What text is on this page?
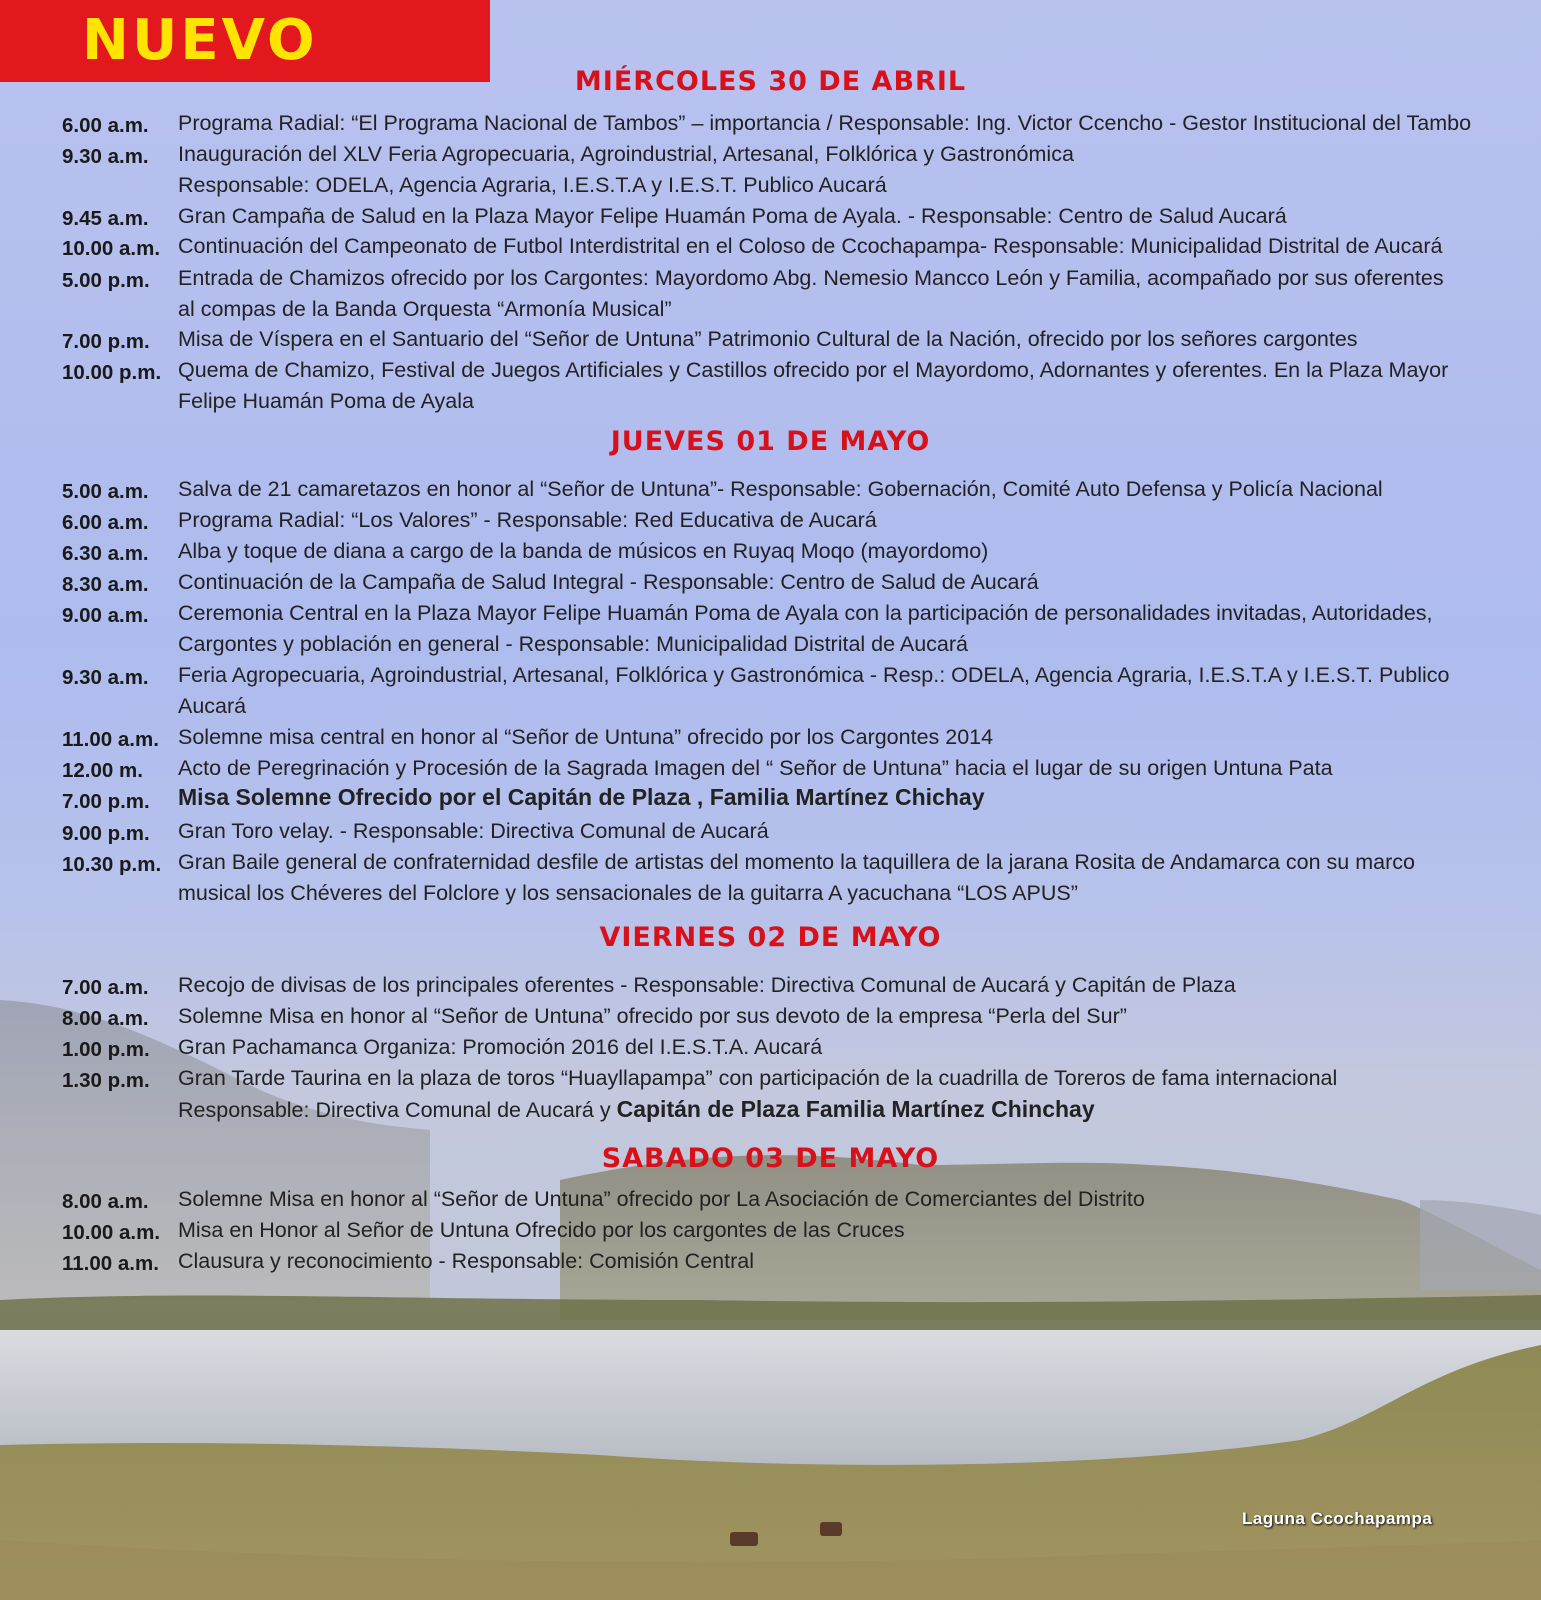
NUEVO
MIÉRCOLES 30 DE ABRIL
6.00 a.m.	Programa Radial: “El Programa Nacional de Tambos” – importancia / Responsable: Ing. Victor Ccencho - Gestor Institucional del Tambo
9.30 a.m.	Inauguración del XLV Feria Agropecuaria, Agroindustrial, Artesanal, Folklórica y Gastronómica
Responsable: ODELA, Agencia Agraria, I.E.S.T.A y I.E.S.T. Publico Aucará
9.45 a.m.	Gran Campaña de Salud en la Plaza Mayor Felipe Huamán Poma de Ayala. - Responsable: Centro de Salud Aucará
10.00 a.m. Continuación del Campeonato de Futbol Interdistrital en el Coloso de Ccochapampa- Responsable: Municipalidad Distrital de Aucará
5.00 p.m.	Entrada de Chamizos ofrecido por los Cargontes: Mayordomo Abg. Nemesio Mancco León y Familia, acompañado por sus oferentes
al compas de la Banda Orquesta “Armonía Musical”
7.00 p.m.	Misa de Víspera en el Santuario del “Señor de Untuna” Patrimonio Cultural de la Nación, ofrecido por los señores cargontes
10.00 p.m. Quema de Chamizo, Festival de Juegos Artificiales y Castillos ofrecido por el Mayordomo, Adornantes y oferentes. En la Plaza Mayor
Felipe Huamán Poma de Ayala
JUEVES 01 DE MAYO
5.00 a.m.	Salva de 21 camaretazos en honor al “Señor de Untuna”- Responsable: Gobernación, Comité Auto Defensa y Policía Nacional
6.00 a.m.	Programa Radial: “Los Valores” - Responsable: Red Educativa de Aucará
6.30 a.m.	Alba y toque de diana a cargo de la banda de músicos en Ruyaq Moqo (mayordomo)
8.30 a.m.	Continuación de la Campaña de Salud Integral - Responsable: Centro de Salud de Aucará
9.00 a.m.	Ceremonia Central en la Plaza Mayor Felipe Huamán Poma de Ayala con la participación de personalidades invitadas, Autoridades,
Cargontes y población en general - Responsable: Municipalidad Distrital de Aucará
9.30 a.m.	Feria Agropecuaria, Agroindustrial, Artesanal, Folklórica y Gastronómica - Resp.: ODELA, Agencia Agraria, I.E.S.T.A y I.E.S.T. Publico
Aucará
11.00 a.m. Solemne misa central en honor al “Señor de Untuna” ofrecido por los Cargontes 2014
12.00 m.	Acto de Peregrinación y Procesión de la Sagrada Imagen del “ Señor de Untuna” hacia el lugar de su origen Untuna Pata
7.00 p.m.	Misa Solemne Ofrecido por el Capitán de Plaza , Familia Martínez Chichay
9.00 p.m.	Gran Toro velay. - Responsable: Directiva Comunal de Aucará
10.30 p.m. Gran Baile general de confraternidad desfile de artistas del momento la taquillera de la jarana Rosita de Andamarca con su marco
musical los Chéveres del Folclore y los sensacionales de la guitarra A yacuchana “LOS APUS”
VIERNES 02 DE MAYO
7.00 a.m.	Recojo de divisas de los principales oferentes - Responsable: Directiva Comunal de Aucará y Capitán de Plaza
8.00 a.m.	Solemne Misa en honor al “Señor de Untuna” ofrecido por sus devoto de la empresa “Perla del Sur”
1.00 p.m.	Gran Pachamanca Organiza: Promoción 2016 del I.E.S.T.A. Aucará
1.30 p.m.	Gran Tarde Taurina en la plaza de toros “Huayllapampa” con participación de la cuadrilla de Toreros de fama internacional
Responsable: Directiva Comunal de Aucará y Capitán de Plaza Familia Martínez Chinchay
SABADO 03 DE MAYO
8.00 a.m.	Solemne Misa en honor al “Señor de Untuna” ofrecido por La Asociación de Comerciantes del Distrito
10.00 a.m. Misa en Honor al Señor de Untuna Ofrecido por los cargontes de las Cruces
11.00 a.m. Clausura y reconocimiento - Responsable: Comisión Central
Laguna Ccochapampa
